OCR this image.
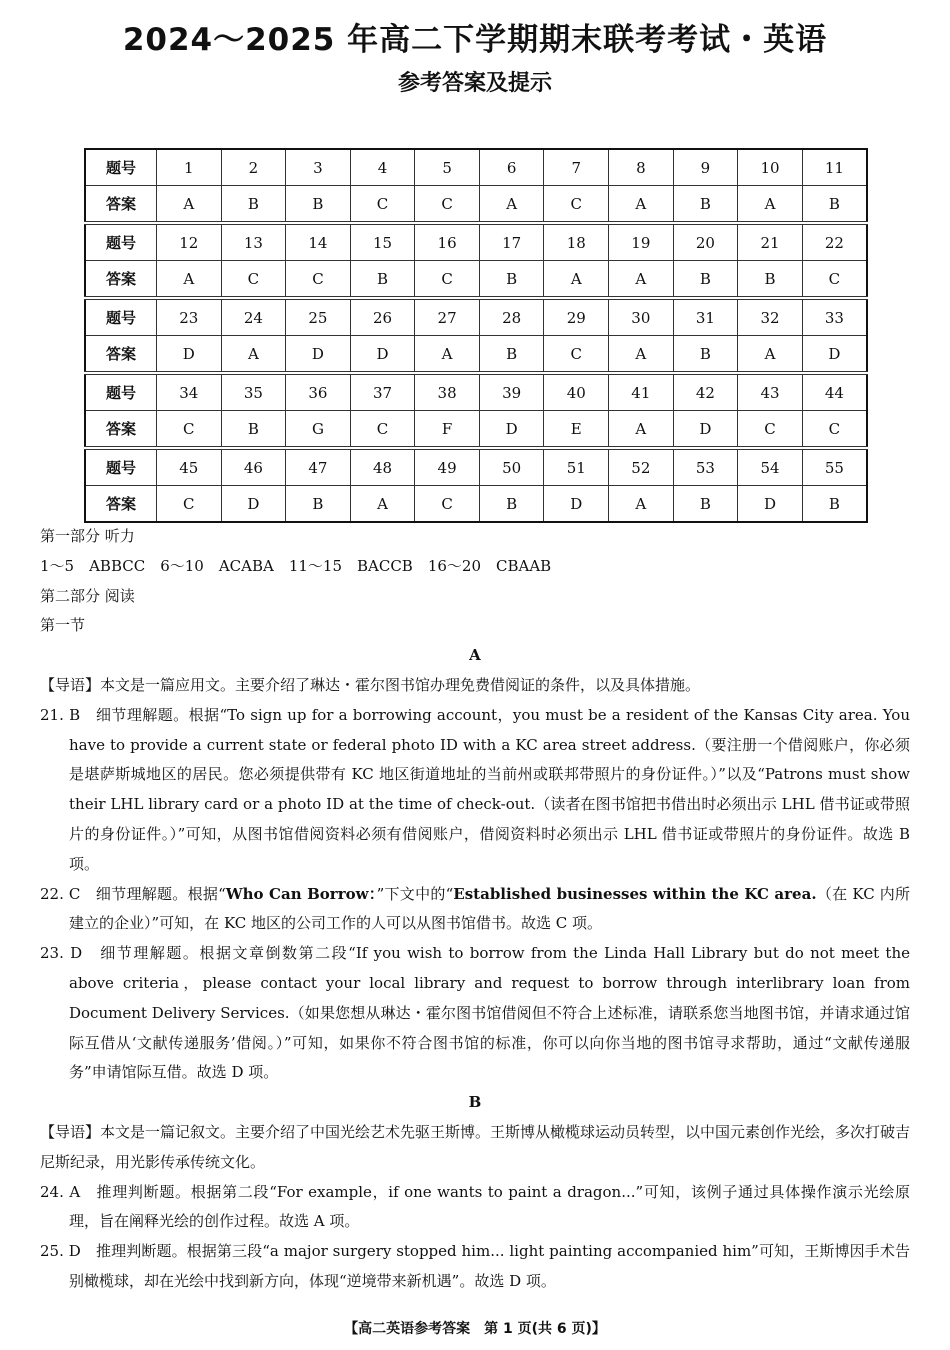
2024～2025 年高二下学期期末联考考试・英语
参考答案及提示
题号	1	2	3	4	5	6	7	8	9	10	11
答案	A	B	B	C	C	A	C	A	B	A	B
题号	12	13	14	15	16	17	18	19	20	21	22
答案	A	C	C	B	C	B	A	A	B	B	C
题号	23	24	25	26	27	28	29	30	31	32	33
答案	D	A	D	D	A	B	C	A	B	A	D
题号	34	35	36	37	38	39	40	41	42	43	44
答案	C	B	G	C	F	D	E	A	D	C	C
题号	45	46	47	48	49	50	51	52	53	54	55
答案	C	D	B	A	C	B	D	A	B	D	B

第一部分 听力

1～5　ABBCC　6～10　ACABA　11～15　BACCB　16～20　CBAAB

第二部分 阅读

第一节

A

【导语】本文是一篇应用文。主要介绍了琳达・霍尔图书馆办理免费借阅证的条件，以及具体措施。

21. B　细节理解题。根据“To sign up for a borrowing account，you must be a resident of the Kansas City area. You have to provide a current state or federal photo ID with a KC area street address.（要注册一个借阅账户，你必须是堪萨斯城地区的居民。您必须提供带有 KC 地区街道地址的当前州或联邦带照片的身份证件。）”以及“Patrons must show their LHL library card or a photo ID at the time of check-out.（读者在图书馆把书借出时必须出示 LHL 借书证或带照片的身份证件。）”可知，从图书馆借阅资料必须有借阅账户，借阅资料时必须出示 LHL 借书证或带照片的身份证件。故选 B 项。

22. C　细节理解题。根据“Who Can Borrow：”下文中的“Established businesses within the KC area.（在 KC 内所建立的企业）”可知，在 KC 地区的公司工作的人可以从图书馆借书。故选 C 项。

23. D　细节理解题。根据文章倒数第二段“If you wish to borrow from the Linda Hall Library but do not meet the above criteria，please contact your local library and request to borrow through interlibrary loan from Document Delivery Services.（如果您想从琳达・霍尔图书馆借阅但不符合上述标准，请联系您当地图书馆，并请求通过馆际互借从‘文献传递服务’借阅。）”可知，如果你不符合图书馆的标准，你可以向你当地的图书馆寻求帮助，通过“文献传递服务”申请馆际互借。故选 D 项。

B

【导语】本文是一篇记叙文。主要介绍了中国光绘艺术先驱王斯博。王斯博从橄榄球运动员转型，以中国元素创作光绘，多次打破吉尼斯纪录，用光影传承传统文化。

24. A　推理判断题。根据第二段“For example，if one wants to paint a dragon...”可知，该例子通过具体操作演示光绘原理，旨在阐释光绘的创作过程。故选 A 项。

25. D　推理判断题。根据第三段“a major surgery stopped him... light painting accompanied him”可知，王斯博因手术告别橄榄球，却在光绘中找到新方向，体现“逆境带来新机遇”。故选 D 项。

【高二英语参考答案　第 1 页(共 6 页)】
